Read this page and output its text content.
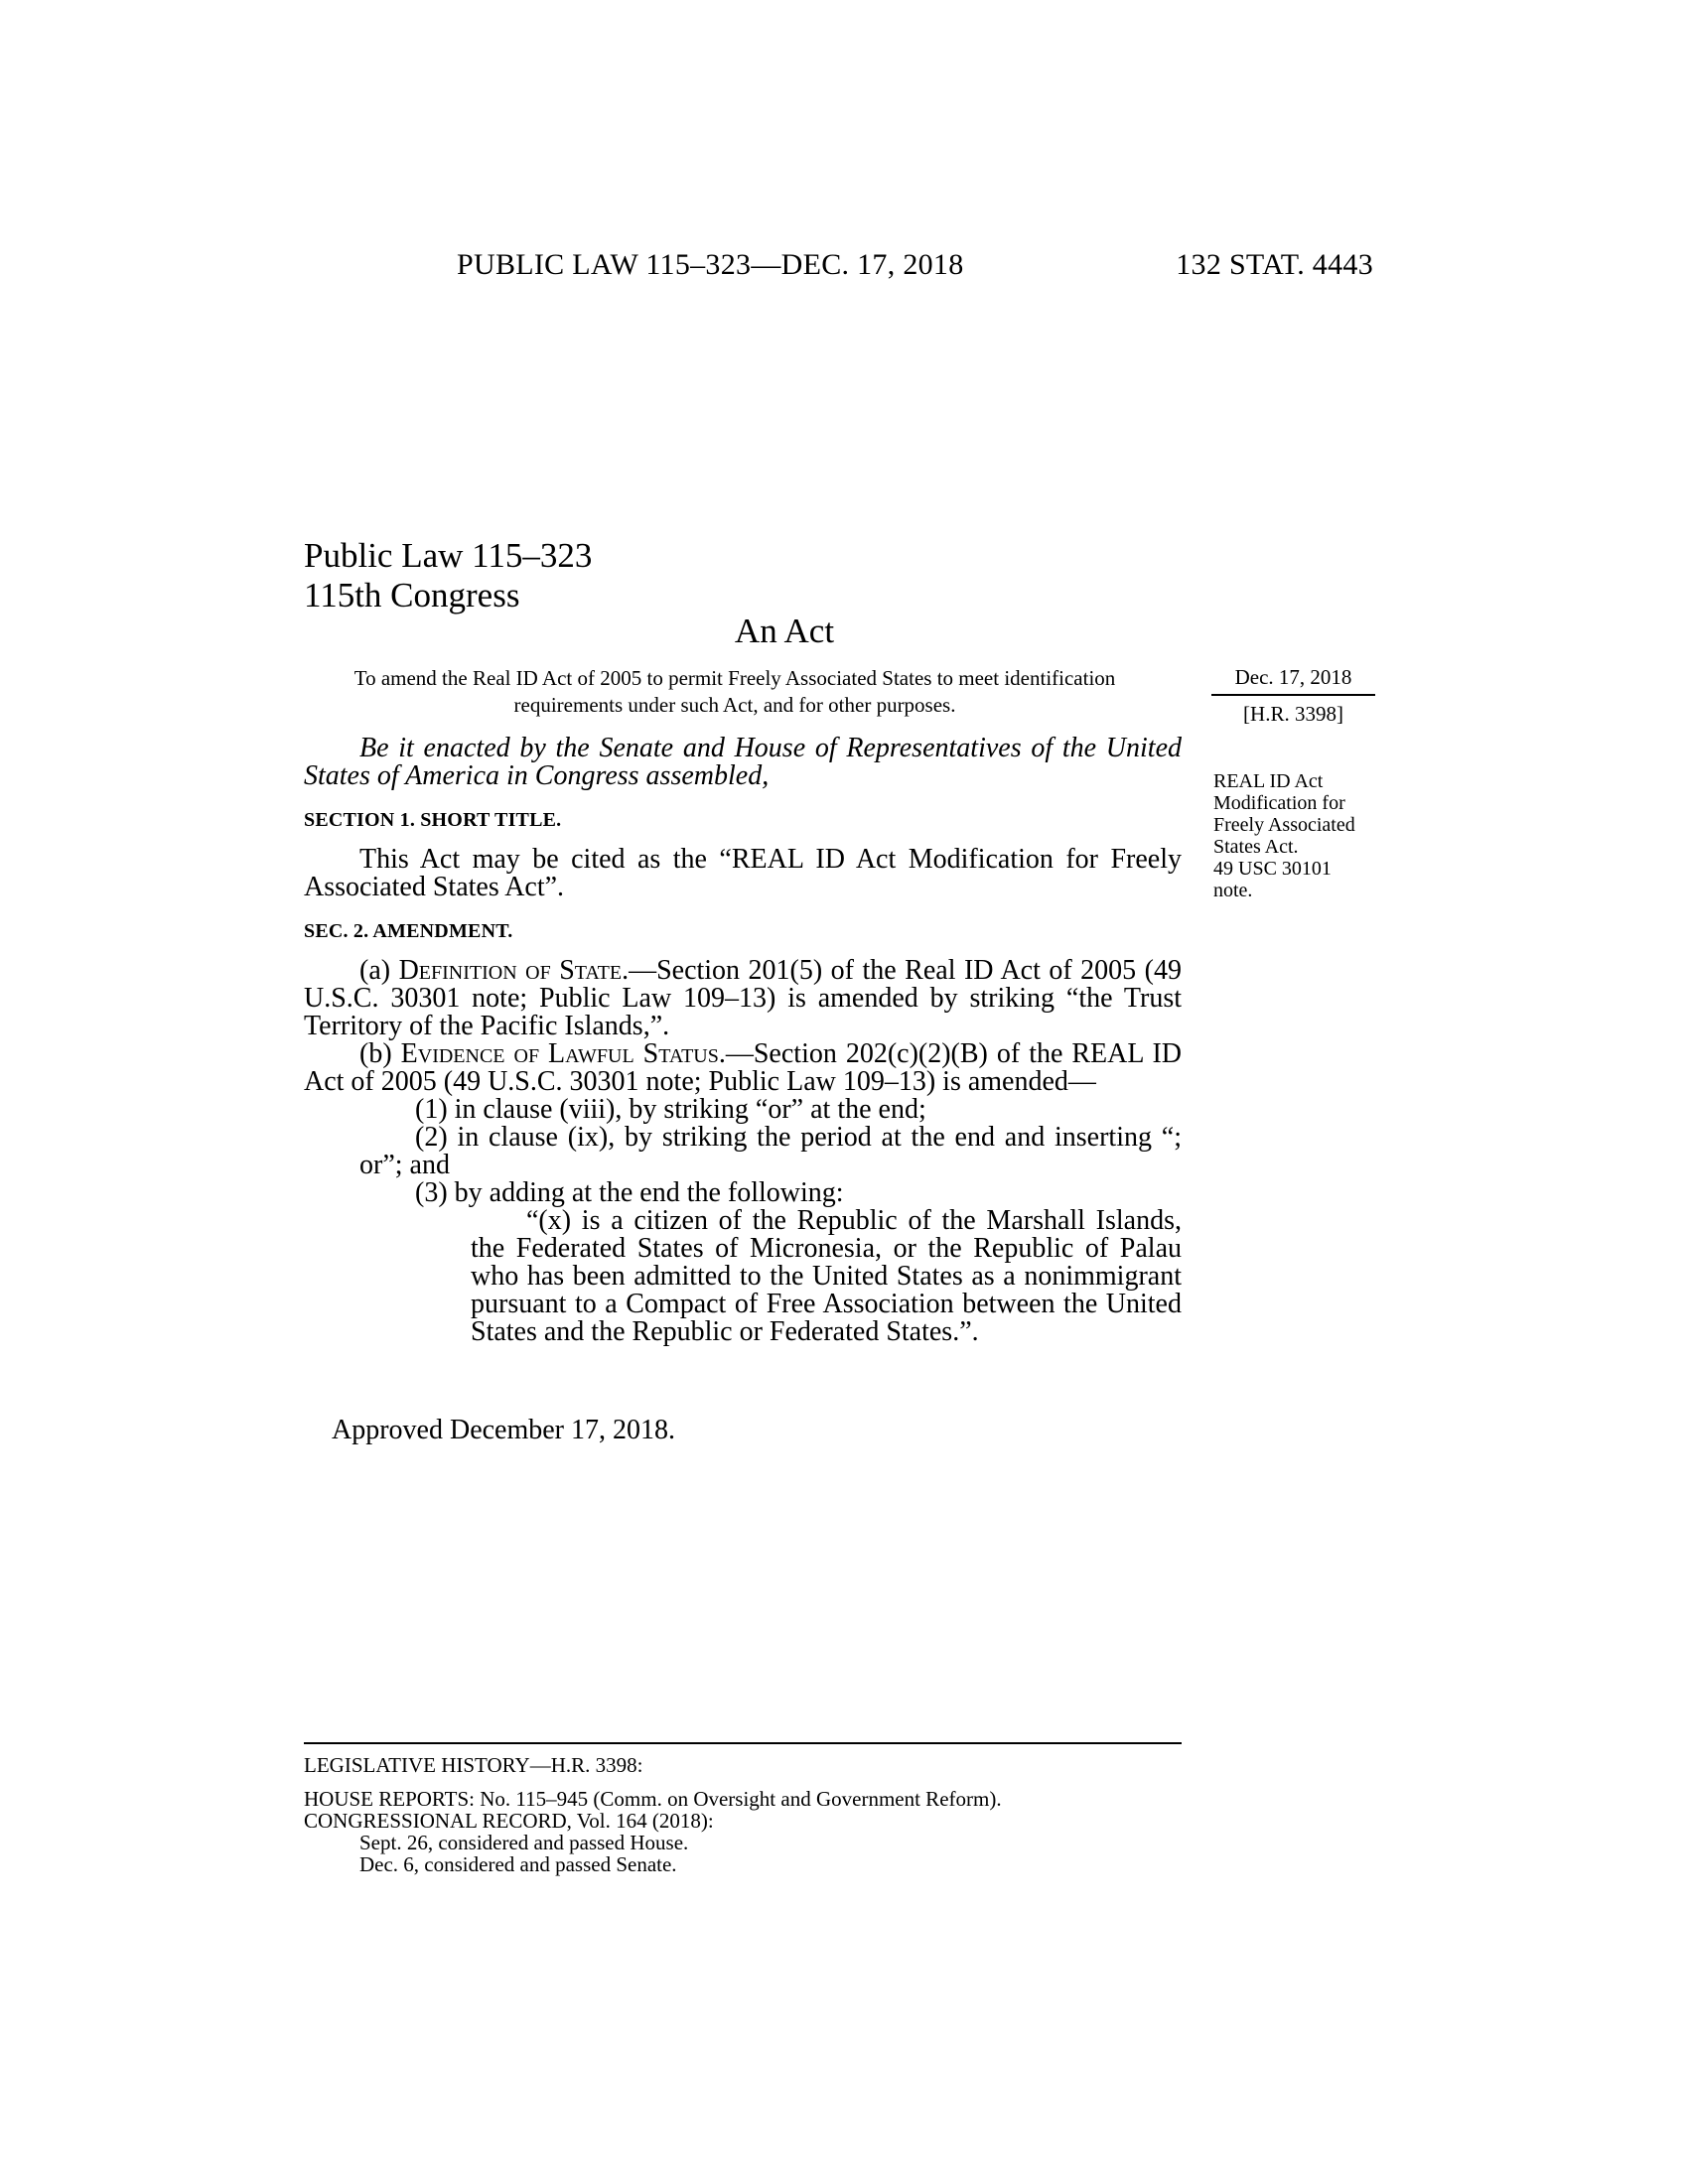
PUBLIC LAW 115–323—DEC. 17, 2018	132 STAT. 4443
Public Law 115–323
115th Congress
An Act
To amend the Real ID Act of 2005 to permit Freely Associated States to meet identification requirements under such Act, and for other purposes.
Dec. 17, 2018
[H.R. 3398]
REAL ID Act
Modification for
Freely Associated
States Act.
49 USC 30101
note.

Be it enacted by the Senate and House of Representatives of the United States of America in Congress assembled,

SECTION 1. SHORT TITLE.

This Act may be cited as the “REAL ID Act Modification for Freely Associated States Act”.

SEC. 2. AMENDMENT.

(a) Definition of State.—Section 201(5) of the Real ID Act of 2005 (49 U.S.C. 30301 note; Public Law 109–13) is amended by striking “the Trust Territory of the Pacific Islands,”.

(b) Evidence of Lawful Status.—Section 202(c)(2)(B) of the REAL ID Act of 2005 (49 U.S.C. 30301 note; Public Law 109–13) is amended—

(1) in clause (viii), by striking “or” at the end;

(2) in clause (ix), by striking the period at the end and inserting “; or”; and

(3) by adding at the end the following:

“(x) is a citizen of the Republic of the Marshall Islands, the Federated States of Micronesia, or the Republic of Palau who has been admitted to the United States as a nonimmigrant pursuant to a Compact of Free Association between the United States and the Republic or Federated States.”.

Approved December 17, 2018.
LEGISLATIVE HISTORY—H.R. 3398:
HOUSE REPORTS: No. 115–945 (Comm. on Oversight and Government Reform).
CONGRESSIONAL RECORD, Vol. 164 (2018):
Sept. 26, considered and passed House.
Dec. 6, considered and passed Senate.
